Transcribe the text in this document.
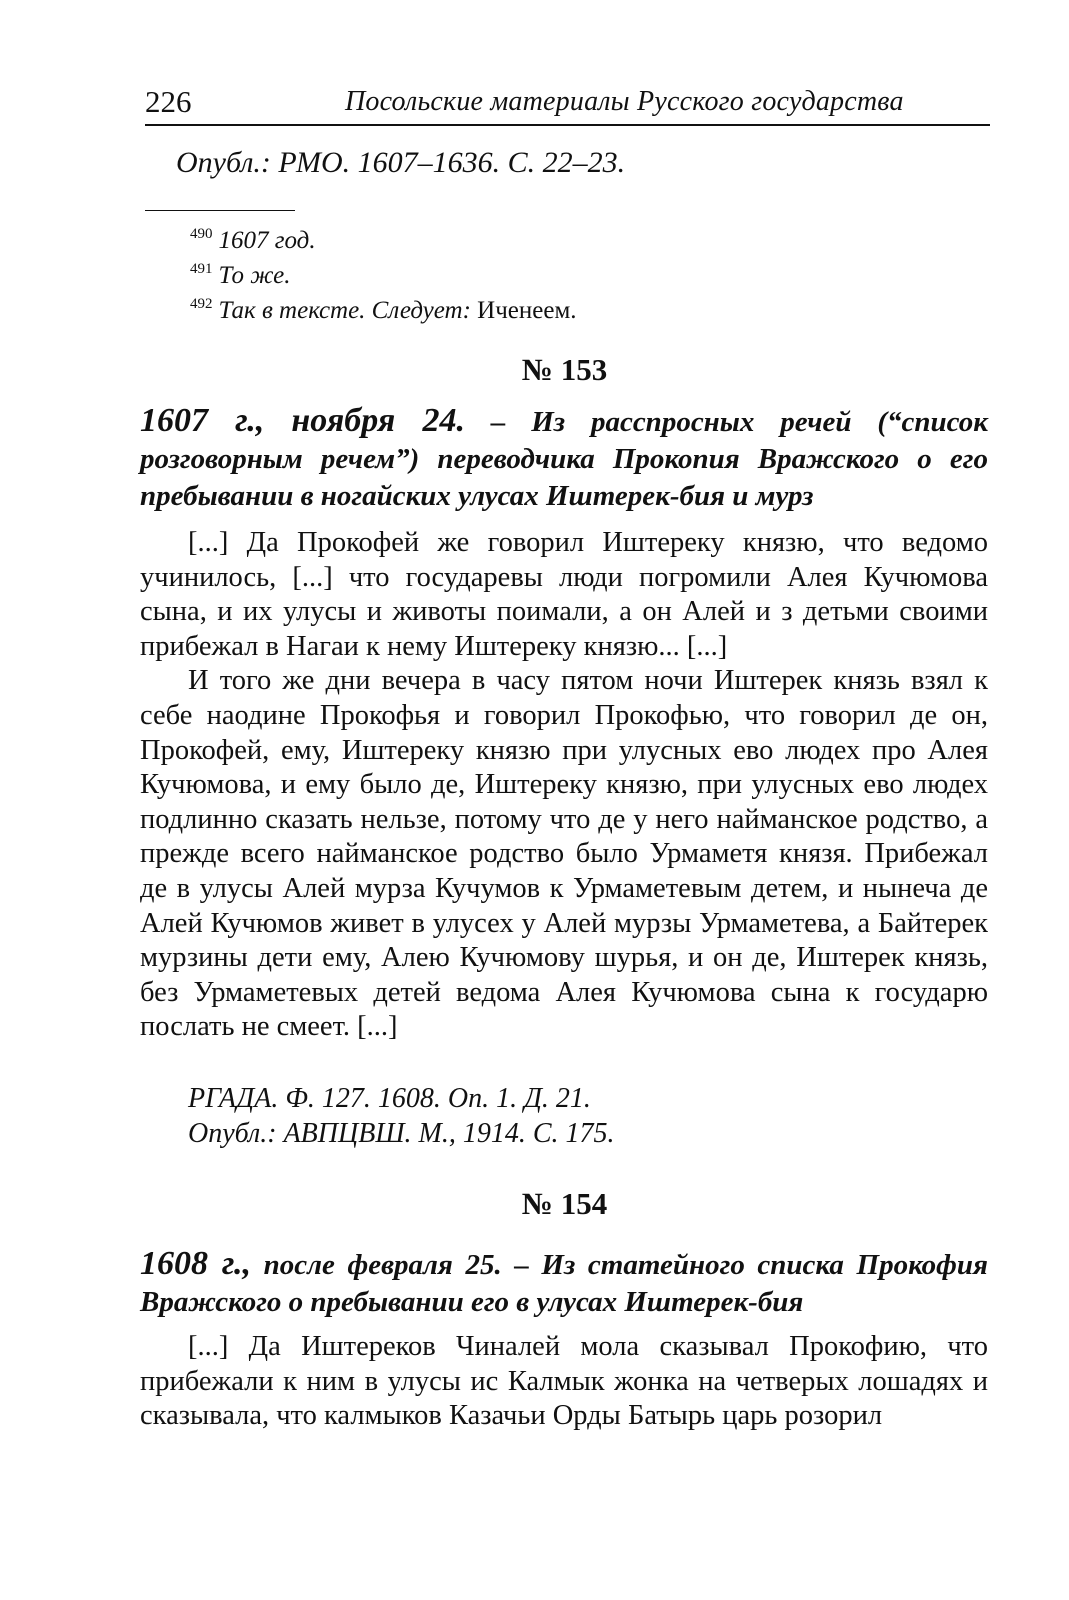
226	Посольские материалы Русского государства
Опубл.: РМО. 1607–1636. С. 22–23.
$^{490}$ 1607 год.
$^{491}$ То же.
$^{492}$ Так в тексте. Следует: Иченеем.
№ 153
1607 г., ноября 24. – Из расспросных речей (“список розговорным речем”) переводчика Прокопия Вражского о его пребывании в ногайских улусах Иштерек-бия и мурз

[...] Да Прокофей же говорил Иштереку князю, что ведомо учинилось, [...] что государевы люди погромили Алея Кучюмова сына, и их улусы и животы поимали, а он Алей и з детьми своими прибежал в Нагаи к нему Иштереку князю... [...]

И того же дни вечера в часу пятом ночи Иштерек князь взял к себе наодине Прокофья и говорил Прокофью, что говорил де он, Прокофей, ему, Иштереку князю при улусных ево людех про Алея Кучюмова, и ему было де, Иштереку князю, при улусных ево людех подлинно сказать нельзе, потому что де у него найманское родство, а прежде всего найманское родство было Урмаметя князя. Прибежал де в улусы Алей мурза Кучумов к Урмаметевым детем, и нынеча де Алей Кучюмов живет в улусех у Алей мурзы Урмаметева, а Байтерек мурзины дети ему, Алею Кучюмову шурья, и он де, Иштерек князь, без Урмаметевых детей ведома Алея Кучюмова сына к государю послать не смеет. [...]

РГАДА. Ф. 127. 1608. Оп. 1. Д. 21.
Опубл.: АВПЦВШ. М., 1914. С. 175.
№ 154
1608 г., после февраля 25. – Из статейного списка Прокофия Вражского о пребывании его в улусах Иштерек-бия

[...] Да Иштереков Чиналей мола сказывал Прокофию, что прибежали к ним в улусы ис Калмык жонка на четверых лошадях и сказывала, что калмыков Казачьи Орды Батырь царь розорил
